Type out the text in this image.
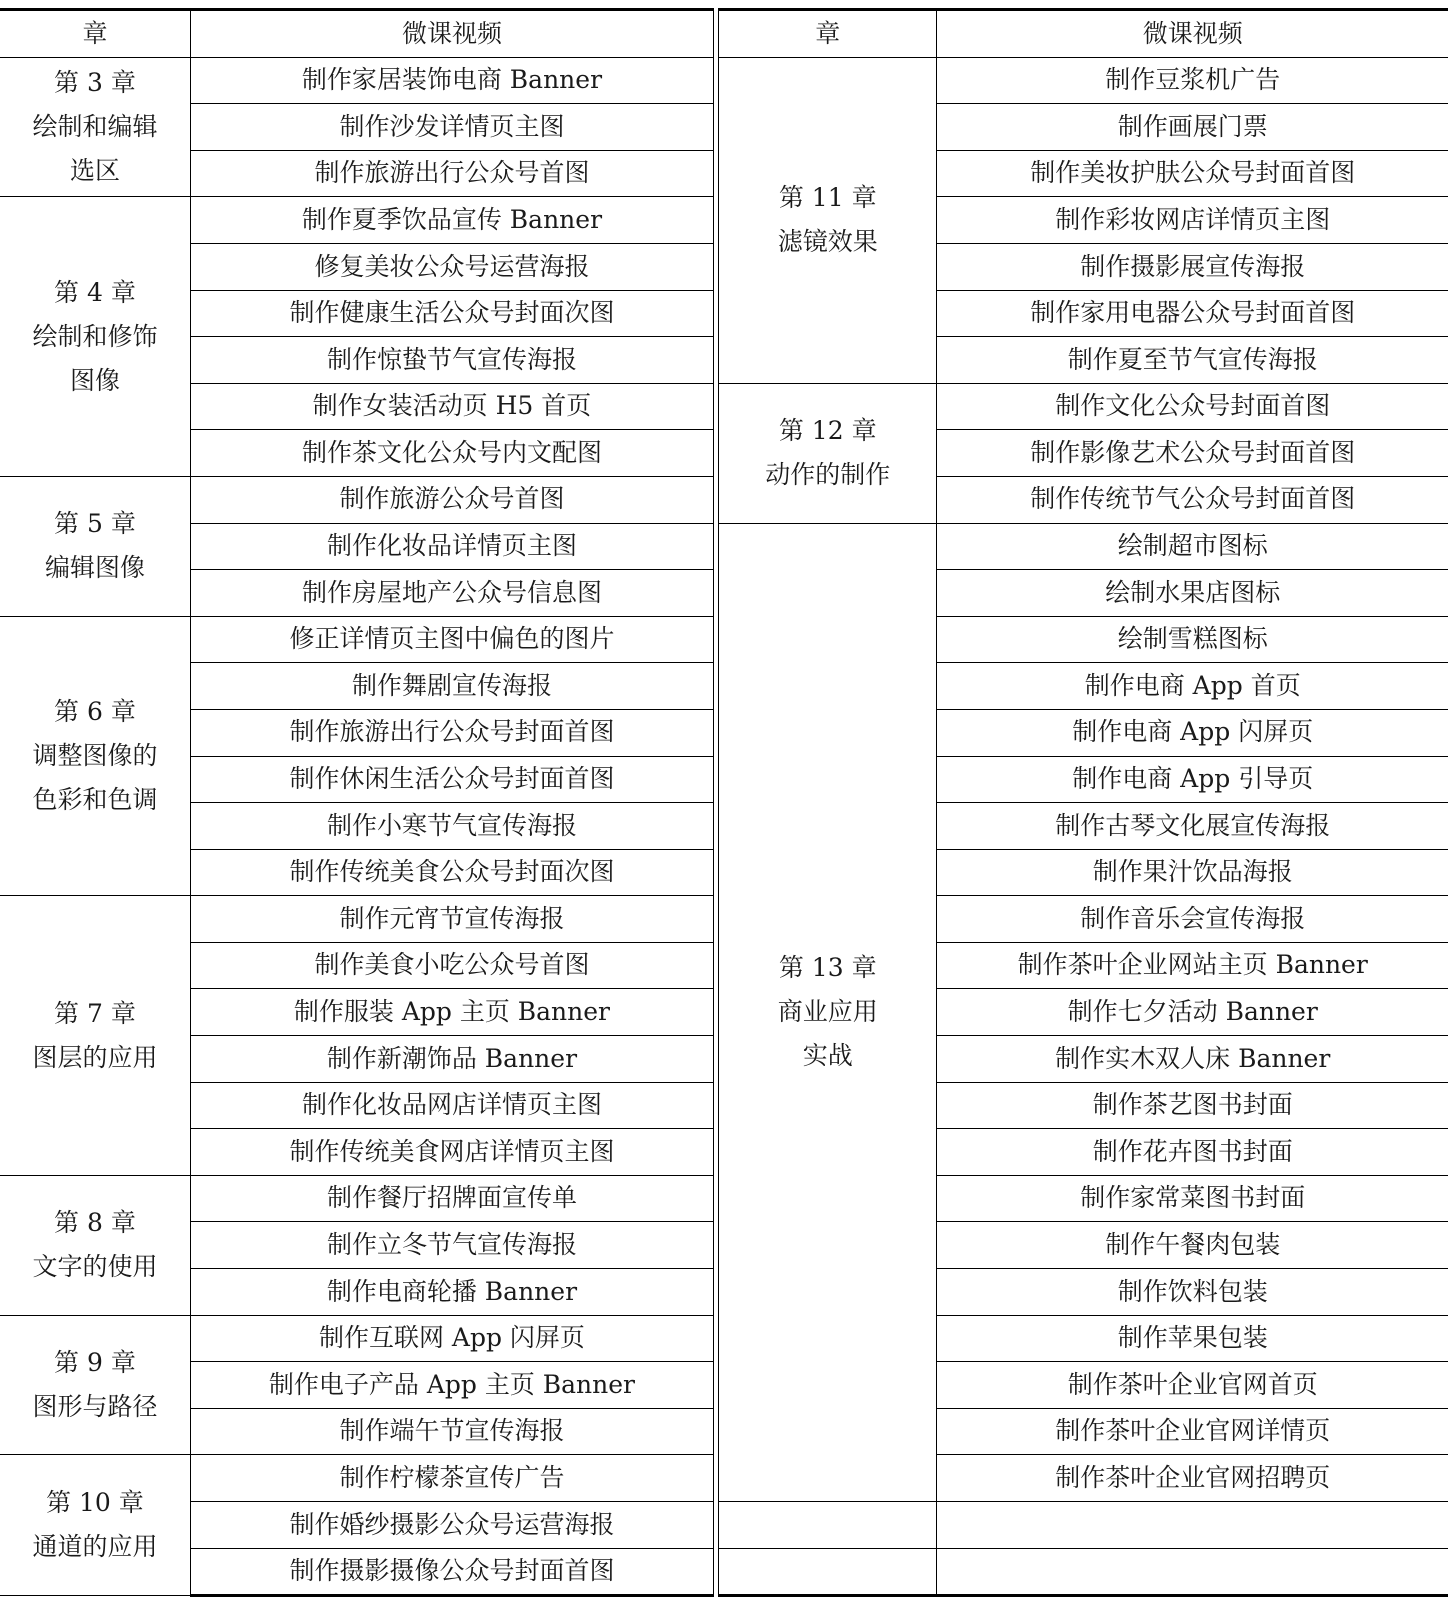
章	微课视频

第 3 章
绘制和编辑
选区	制作家居装饰电商 Banner
	制作沙发详情页主图
	制作旅游出行公众号首图

第 4 章
绘制和修饰
图像	制作夏季饮品宣传 Banner
	修复美妆公众号运营海报
	制作健康生活公众号封面次图
	制作惊蛰节气宣传海报
	制作女装活动页 H5 首页
	制作茶文化公众号内文配图

第 5 章
编辑图像	制作旅游公众号首图
	制作化妆品详情页主图
	制作房屋地产公众号信息图

第 6 章
调整图像的
色彩和色调	修正详情页主图中偏色的图片
	制作舞剧宣传海报
	制作旅游出行公众号封面首图
	制作休闲生活公众号封面首图
	制作小寒节气宣传海报
	制作传统美食公众号封面次图

第 7 章
图层的应用	制作元宵节宣传海报
	制作美食小吃公众号首图
	制作服装 App 主页 Banner
	制作新潮饰品 Banner
	制作化妆品网店详情页主图
	制作传统美食网店详情页主图

第 8 章
文字的使用	制作餐厅招牌面宣传单
	制作立冬节气宣传海报
	制作电商轮播 Banner

第 9 章
图形与路径	制作互联网 App 闪屏页
	制作电子产品 App 主页 Banner
	制作端午节宣传海报

第 10 章
通道的应用	制作柠檬茶宣传广告
	制作婚纱摄影公众号运营海报
	制作摄影摄像公众号封面首图
章	微课视频

第 11 章
滤镜效果	制作豆浆机广告
	制作画展门票
	制作美妆护肤公众号封面首图
	制作彩妆网店详情页主图
	制作摄影展宣传海报
	制作家用电器公众号封面首图
	制作夏至节气宣传海报

第 12 章
动作的制作	制作文化公众号封面首图
	制作影像艺术公众号封面首图
	制作传统节气公众号封面首图

第 13 章
商业应用
实战	绘制超市图标
	绘制水果店图标
	绘制雪糕图标
	制作电商 App 首页
	制作电商 App 闪屏页
	制作电商 App 引导页
	制作古琴文化展宣传海报
	制作果汁饮品海报
	制作音乐会宣传海报
	制作茶叶企业网站主页 Banner
	制作七夕活动 Banner
	制作实木双人床 Banner
	制作茶艺图书封面
	制作花卉图书封面
	制作家常菜图书封面
	制作午餐肉包装
	制作饮料包装
	制作苹果包装
	制作茶叶企业官网首页
	制作茶叶企业官网详情页
	制作茶叶企业官网招聘页
